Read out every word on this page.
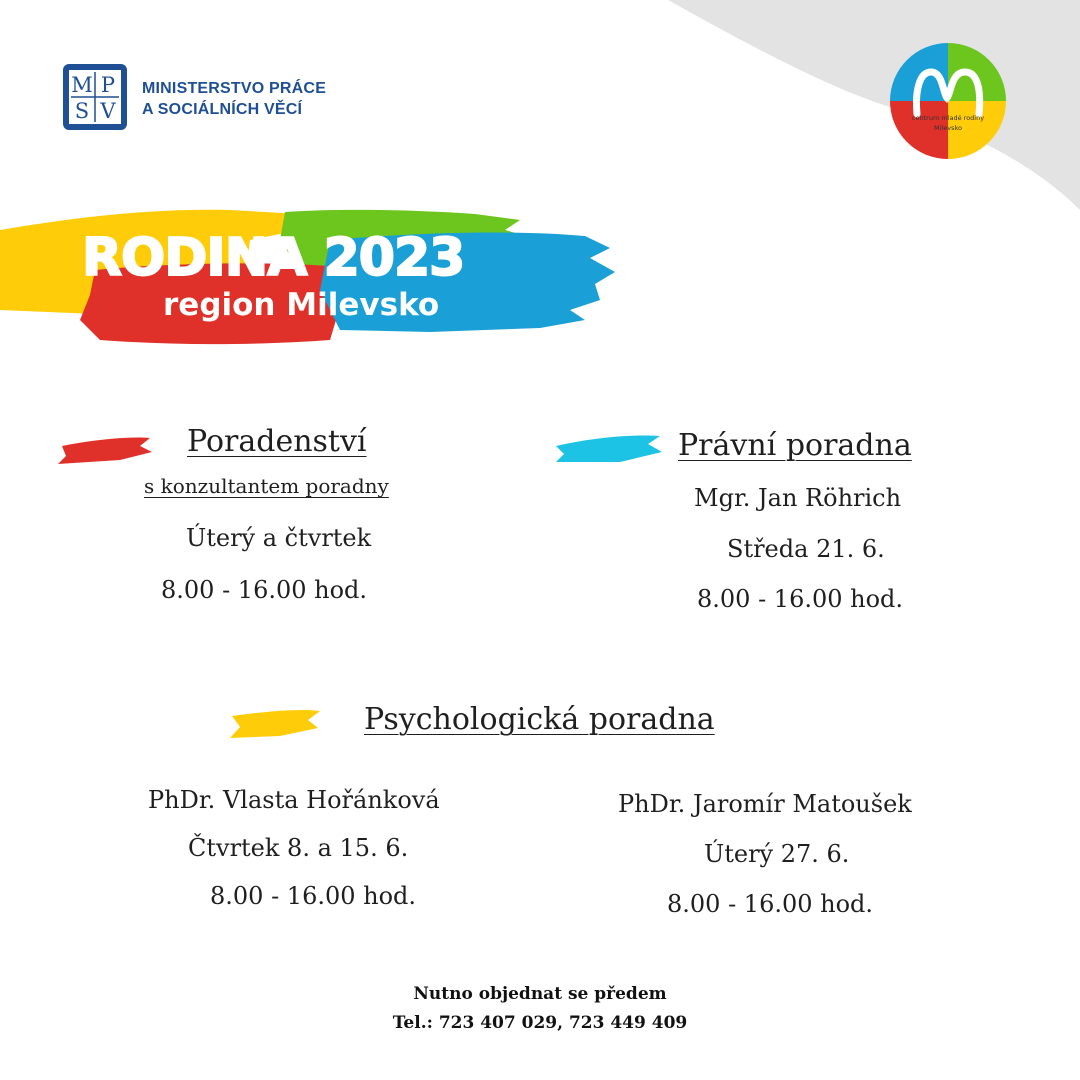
M P
S V
MINISTERSTVO PRÁCE
A SOCIÁLNÍCH VĚCÍ	centrum mladé rodiny
Milevsko
RODINA 2023
region Milevsko
Poradenství
s konzultantem poradny
Úterý a čtvrtek
8.00 - 16.00 hod.
Právní poradna
Mgr. Jan Röhrich
Středa 21. 6.
8.00 - 16.00 hod.
Psychologická poradna
PhDr. Vlasta Hořánková
Čtvrtek 8. a 15. 6.
8.00 - 16.00 hod.
PhDr. Jaromír Matoušek
Úterý 27. 6.
8.00 - 16.00 hod.
Nutno objednat se předem
Tel.: 723 407 029, 723 449 409
